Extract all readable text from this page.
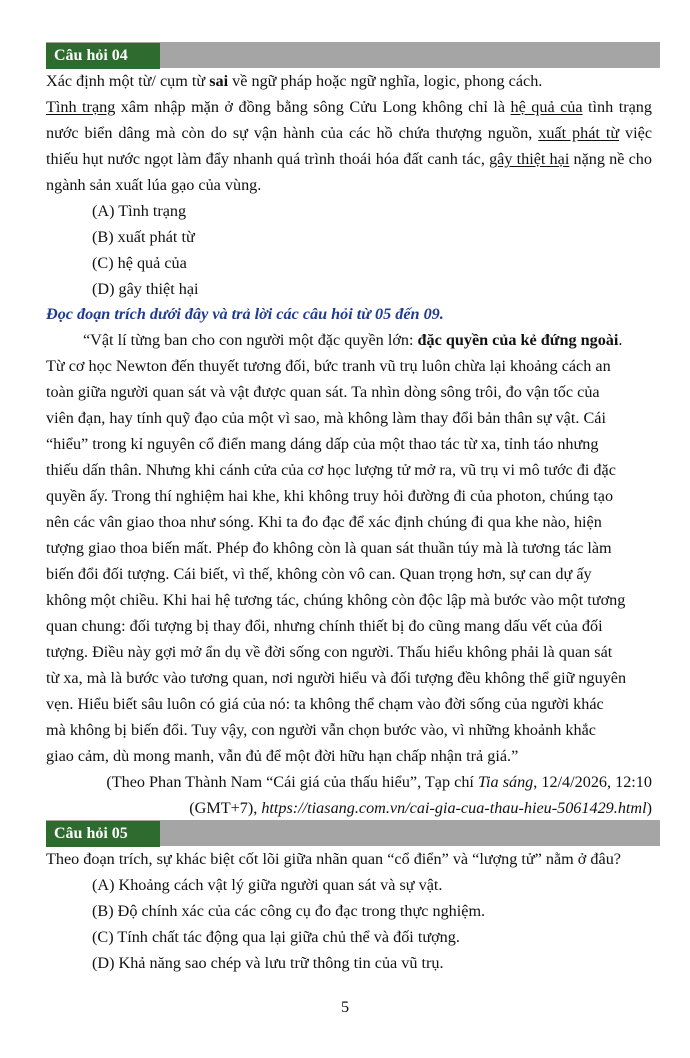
Câu hỏi 04
Xác định một từ/ cụm từ sai về ngữ pháp hoặc ngữ nghĩa, logic, phong cách.
Tình trạng xâm nhập mặn ở đồng bằng sông Cửu Long không chỉ là hệ quả của tình trạng nước biển dâng mà còn do sự vận hành của các hồ chứa thượng nguồn, xuất phát từ việc thiếu hụt nước ngọt làm đẩy nhanh quá trình thoái hóa đất canh tác, gây thiệt hại nặng nề cho ngành sản xuất lúa gạo của vùng.
(A) Tình trạng
(B) xuất phát từ
(C) hệ quả của
(D) gây thiệt hại
Đọc đoạn trích dưới đây và trả lời các câu hỏi từ 05 đến 09.
“Vật lí từng ban cho con người một đặc quyền lớn: đặc quyền của kẻ đứng ngoài.
Từ cơ học Newton đến thuyết tương đối, bức tranh vũ trụ luôn chừa lại khoảng cách an
toàn giữa người quan sát và vật được quan sát. Ta nhìn dòng sông trôi, đo vận tốc của
viên đạn, hay tính quỹ đạo của một vì sao, mà không làm thay đổi bản thân sự vật. Cái
“hiểu” trong kỉ nguyên cổ điển mang dáng dấp của một thao tác từ xa, tỉnh táo nhưng
thiếu dấn thân. Nhưng khi cánh cửa của cơ học lượng tử mở ra, vũ trụ vi mô tước đi đặc
quyền ấy. Trong thí nghiệm hai khe, khi không truy hỏi đường đi của photon, chúng tạo
nên các vân giao thoa như sóng. Khi ta đo đạc để xác định chúng đi qua khe nào, hiện
tượng giao thoa biến mất. Phép đo không còn là quan sát thuần túy mà là tương tác làm
biến đổi đối tượng. Cái biết, vì thế, không còn vô can. Quan trọng hơn, sự can dự ấy
không một chiều. Khi hai hệ tương tác, chúng không còn độc lập mà bước vào một tương
quan chung: đối tượng bị thay đổi, nhưng chính thiết bị đo cũng mang dấu vết của đối
tượng. Điều này gợi mở ẩn dụ về đời sống con người. Thấu hiểu không phải là quan sát
từ xa, mà là bước vào tương quan, nơi người hiểu và đối tượng đều không thể giữ nguyên
vẹn. Hiểu biết sâu luôn có giá của nó: ta không thể chạm vào đời sống của người khác
mà không bị biến đổi. Tuy vậy, con người vẫn chọn bước vào, vì những khoảnh khắc
giao cảm, dù mong manh, vẫn đủ để một đời hữu hạn chấp nhận trả giá.”
(Theo Phan Thành Nam “Cái giá của thấu hiểu”, Tạp chí Tia sáng, 12/4/2026, 12:10
(GMT+7), https://tiasang.com.vn/cai-gia-cua-thau-hieu-5061429.html)
Câu hỏi 05
Theo đoạn trích, sự khác biệt cốt lõi giữa nhãn quan “cổ điển” và “lượng tử” nằm ở đâu?
(A) Khoảng cách vật lý giữa người quan sát và sự vật.
(B) Độ chính xác của các công cụ đo đạc trong thực nghiệm.
(C) Tính chất tác động qua lại giữa chủ thể và đối tượng.
(D) Khả năng sao chép và lưu trữ thông tin của vũ trụ.
5
